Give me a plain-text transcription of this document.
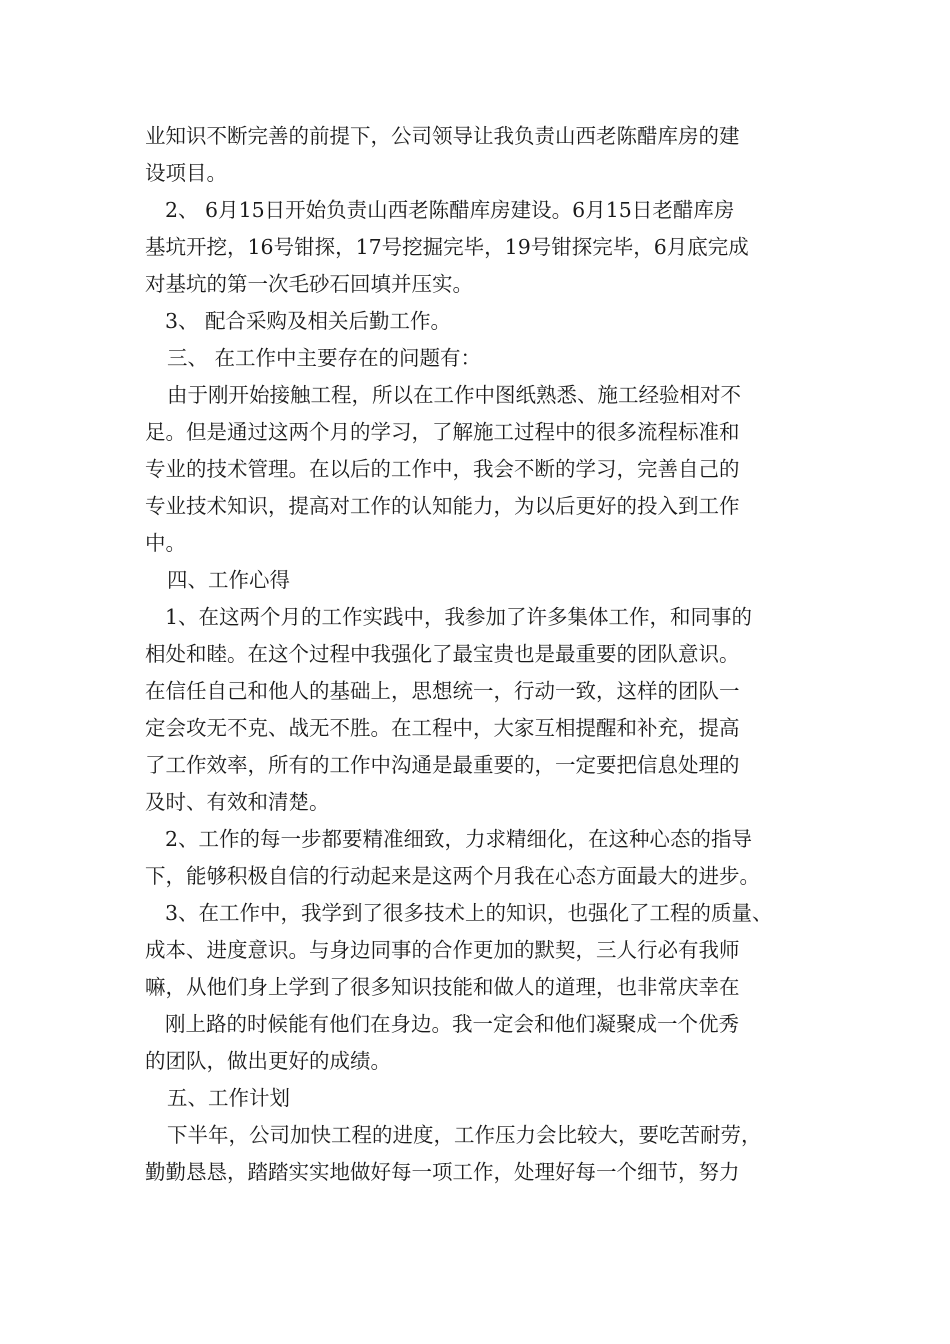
业知识不断完善的前提下，公司领导让我负责山西老陈醋库房的建
设项目。
2、 6月15日开始负责山西老陈醋库房建设。6月15日老醋库房
基坑开挖，16号钳探，17号挖掘完毕，19号钳探完毕，6月底完成
对基坑的第一次毛砂石回填并压实。
3、 配合采购及相关后勤工作。
三、 在工作中主要存在的问题有：
由于刚开始接触工程，所以在工作中图纸熟悉、施工经验相对不
足。但是通过这两个月的学习，了解施工过程中的很多流程标准和
专业的技术管理。在以后的工作中，我会不断的学习，完善自己的
专业技术知识，提高对工作的认知能力，为以后更好的投入到工作
中。
四、工作心得
1、在这两个月的工作实践中，我参加了许多集体工作，和同事的
相处和睦。在这个过程中我强化了最宝贵也是最重要的团队意识。
在信任自己和他人的基础上，思想统一，行动一致，这样的团队一
定会攻无不克、战无不胜。在工程中，大家互相提醒和补充，提高
了工作效率，所有的工作中沟通是最重要的，一定要把信息处理的
及时、有效和清楚。
2、工作的每一步都要精准细致，力求精细化，在这种心态的指导
下，能够积极自信的行动起来是这两个月我在心态方面最大的进步。
3、在工作中，我学到了很多技术上的知识，也强化了工程的质量、
成本、进度意识。与身边同事的合作更加的默契，三人行必有我师
嘛，从他们身上学到了很多知识技能和做人的道理，也非常庆幸在
刚上路的时候能有他们在身边。我一定会和他们凝聚成一个优秀
的团队，做出更好的成绩。
五、工作计划
下半年，公司加快工程的进度，工作压力会比较大，要吃苦耐劳，
勤勤恳恳，踏踏实实地做好每一项工作，处理好每一个细节，努力
